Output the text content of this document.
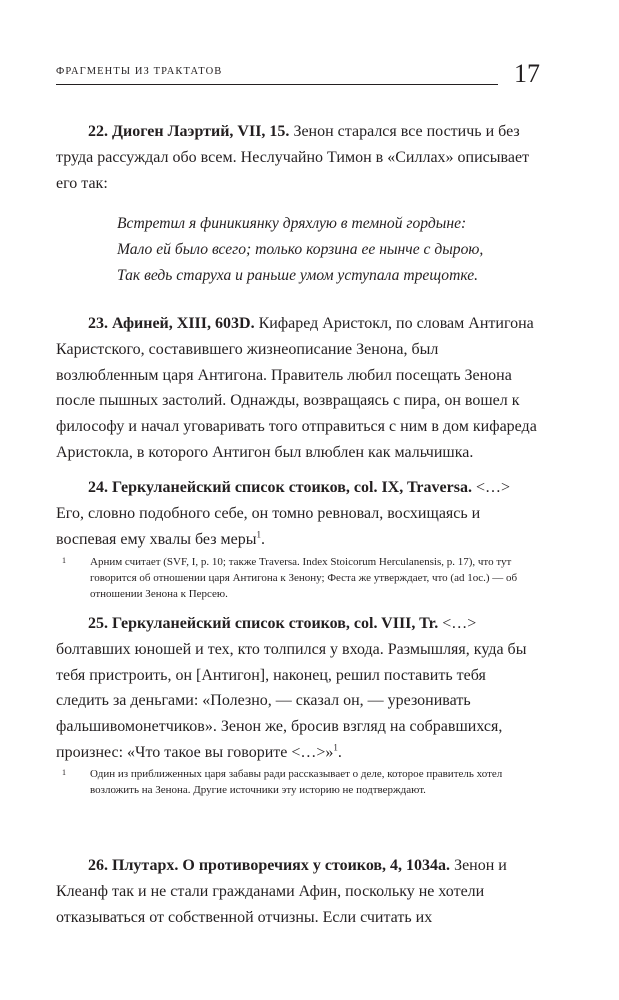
ФРАГМЕНТЫ ИЗ ТРАКТАТОВ	17

22. Диоген Лаэртий, VII, 15. Зенон старался все постичь и без труда рассуждал обо всем. Неслучайно Тимон в «Силлах» описывает его так:

Встретил я финикиянку дряхлую в темной гордыне:
Мало ей было всего; только корзина ее нынче с дырою,
Так ведь старуха и раньше умом уступала трещотке.

23. Афиней, XIII, 603D. Кифаред Аристокл, по словам Антигона Каристского, составившего жизнеописание Зенона, был возлюбленным царя Антигона. Правитель любил посещать Зенона после пышных застолий. Однажды, возвращаясь с пира, он вошел к философу и начал уговаривать того отправиться с ним в дом кифареда Аристокла, в которого Антигон был влюблен как мальчишка.

24. Геркуланейский список стоиков, col. IX, Traversa. <…> Его, словно подобного себе, он томно ревновал, восхищаясь и воспевая ему хвалы без меры$^1$.

1	Арним считает (SVF, I, p. 10; также Traversa. Index Stoicorum Herculanensis, p. 17), что тут говорится об отношении царя Антигона к Зенону; Феста же утверждает, что (ad 1oc.) — об отношении Зенона к Персею.

25. Геркуланейский список стоиков, col. VIII, Tr. <…> болтавших юношей и тех, кто толпился у входа. Размышляя, куда бы тебя пристроить, он [Антигон], наконец, решил поставить тебя следить за деньгами: «Полезно, — сказал он, — урезонивать фальшивомонетчиков». Зенон же, бросив взгляд на собравшихся, произнес: «Что такое вы говорите <…>»$^1$.

1	Один из приближенных царя забавы ради рассказывает о деле, которое правитель хотел возложить на Зенона. Другие источники эту историю не подтверждают.

26. Плутарх. О противоречиях у стоиков, 4, 1034а. Зенон и Клеанф так и не стали гражданами Афин, поскольку не хотели отказываться от собственной отчизны. Если считать их
